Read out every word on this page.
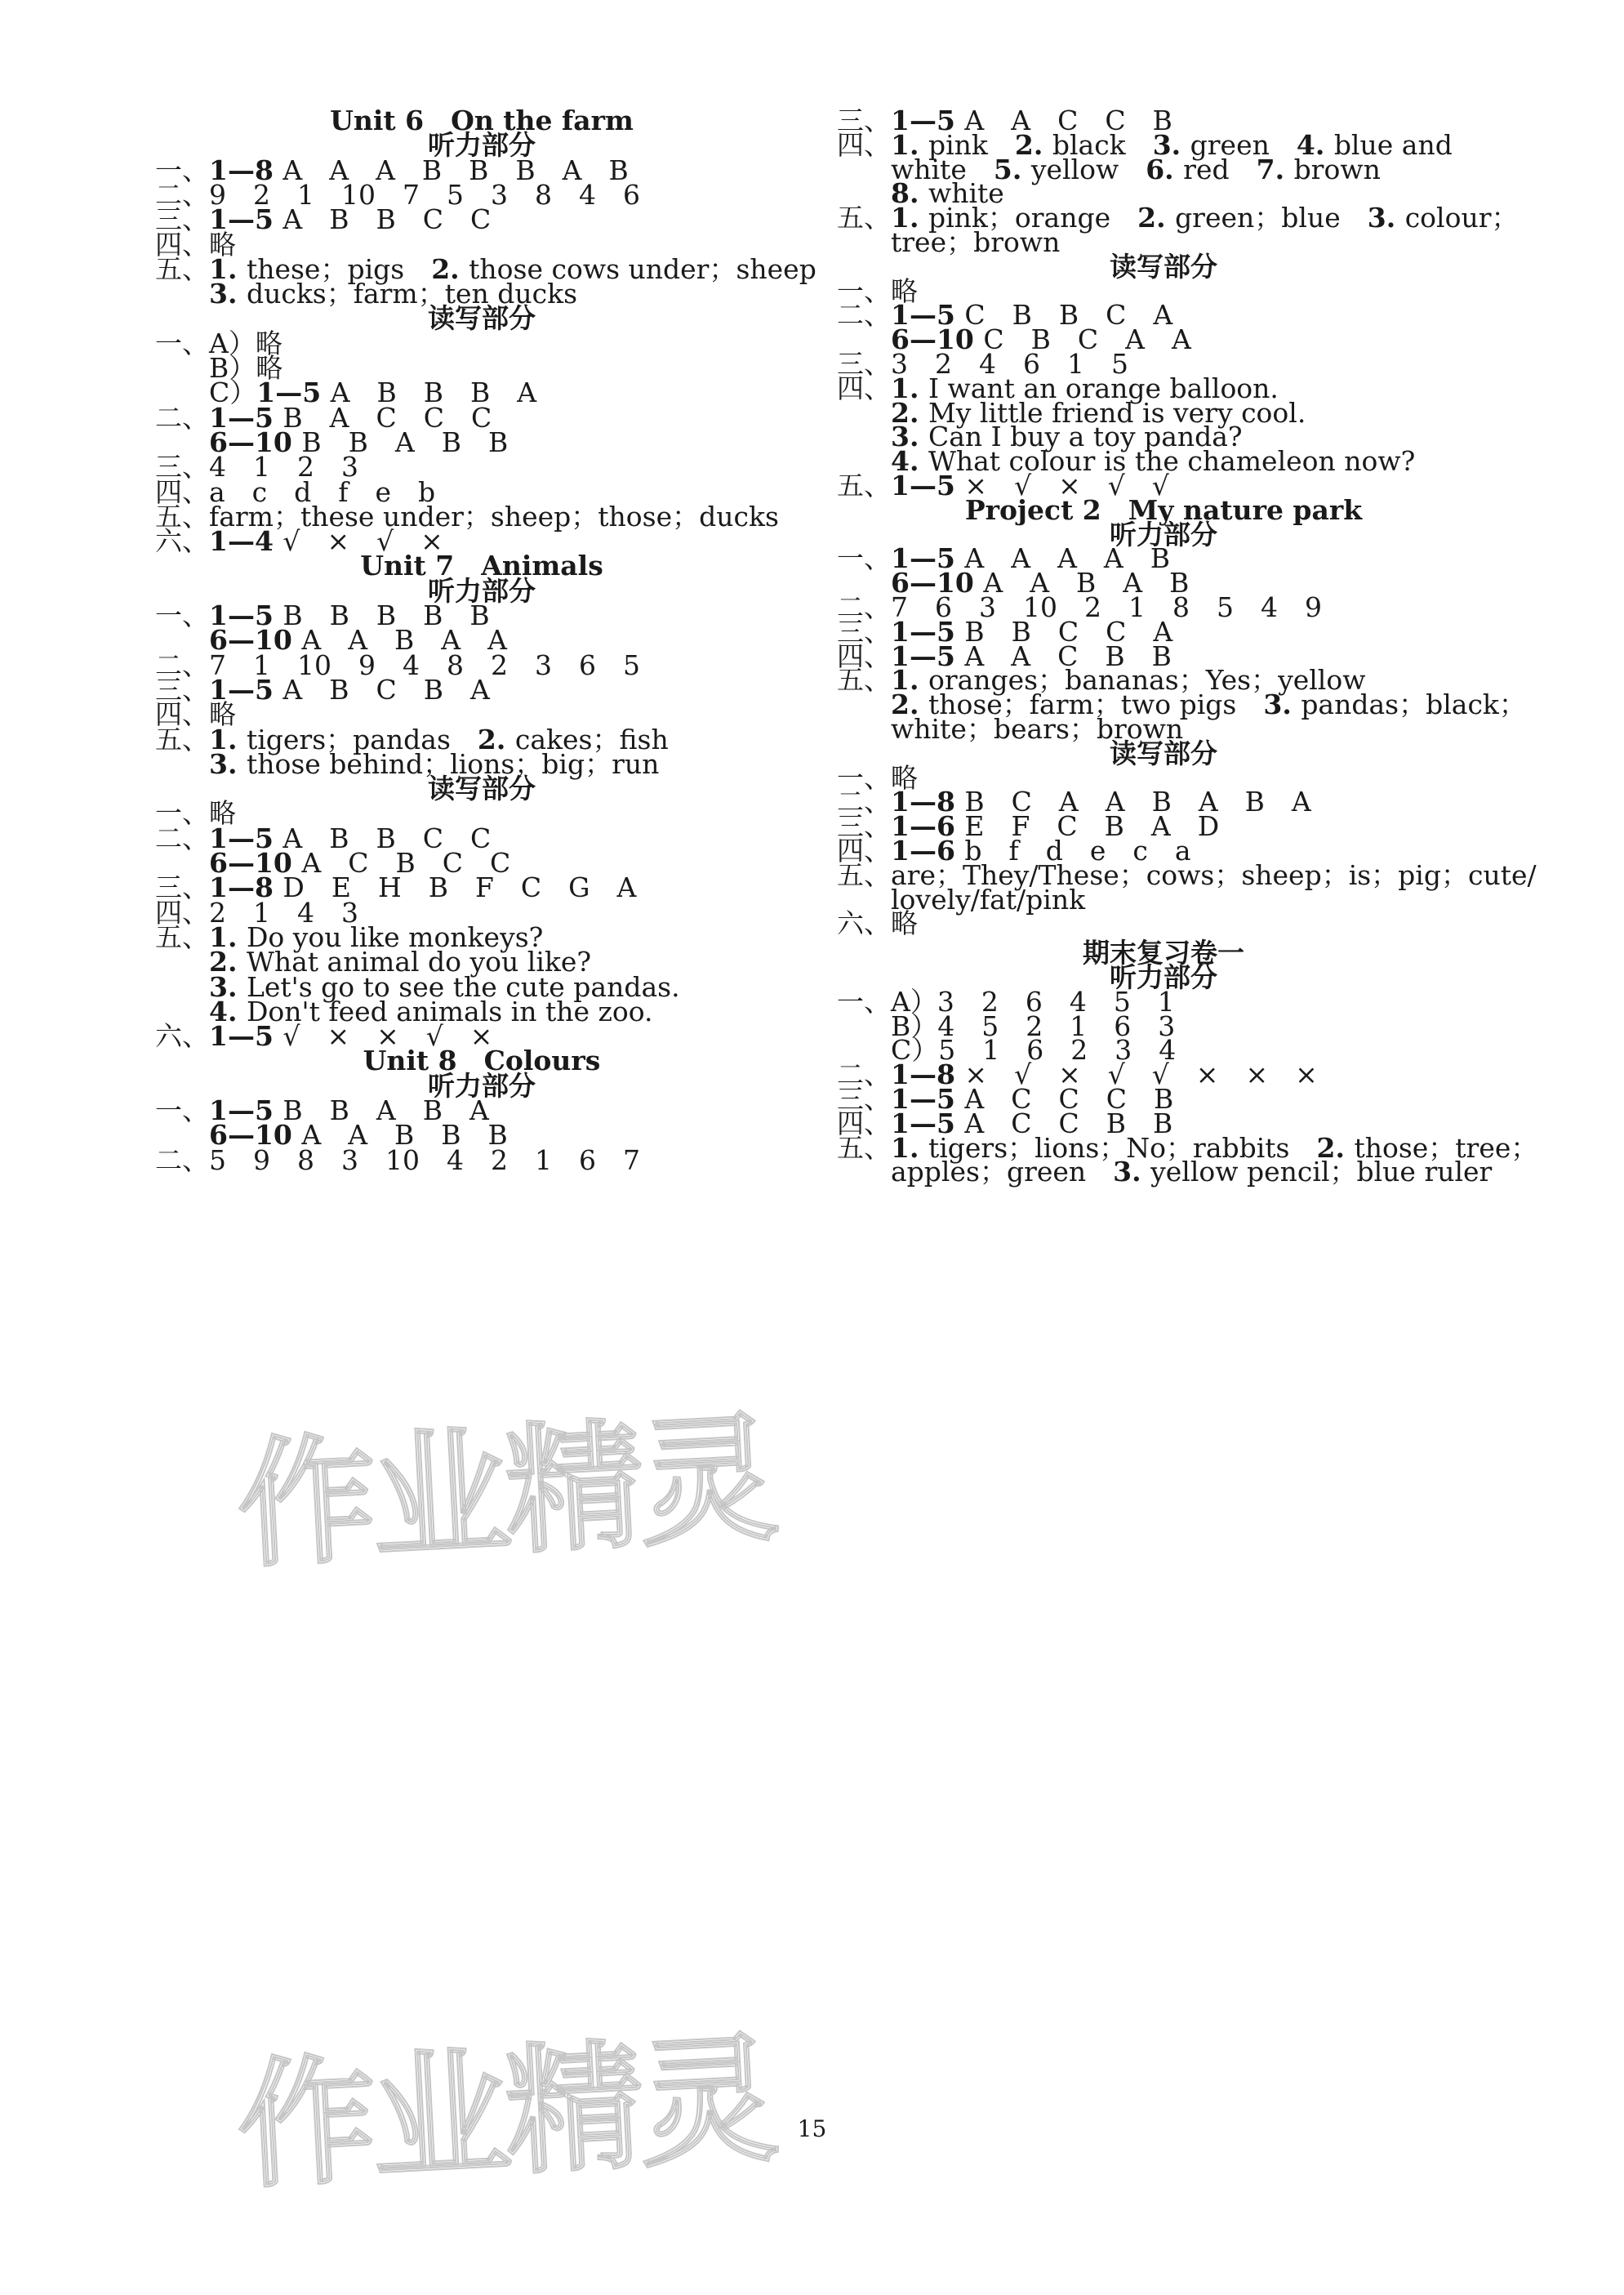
Unit 6　On the farm
听力部分
一、 1—8 A　A　A　B　B　B　A　B
二、 9　2　1　10　7　5　3　8　4　6
三、 1—5 A　B　B　C　C
四、 略
五、 1. these；pigs　2. those cows under；sheep
3. ducks；farm；ten ducks
读写部分
一、 A）略
B）略
C）1—5 A　B　B　B　A
二、 1—5 B　A　C　C　C
6—10 B　B　A　B　B
三、 4　1　2　3
四、 a　c　d　f　e　b
五、 farm；these under；sheep；those；ducks
六、 1—4 √　×　√　×
Unit 7　Animals
听力部分
一、 1—5 B　B　B　B　B
6—10 A　A　B　A　A
二、 7　1　10　9　4　8　2　3　6　5
三、 1—5 A　B　C　B　A
四、 略
五、 1. tigers；pandas　2. cakes；fish
3. those behind；lions；big；run
读写部分
一、 略
二、 1—5 A　B　B　C　C
6—10 A　C　B　C　C
三、 1—8 D　E　H　B　F　C　G　A
四、 2　1　4　3
五、 1. Do you like monkeys?
2. What animal do you like?
3. Let's go to see the cute pandas.
4. Don't feed animals in the zoo.
六、 1—5 √　×　×　√　×
Unit 8　Colours
听力部分
一、 1—5 B　B　A　B　A
6—10 A　A　B　B　B
二、 5　9　8　3　10　4　2　1　6　7
三、 1—5 A　A　C　C　B
四、 1. pink　2. black　3. green　4. blue and
white　5. yellow　6. red　7. brown
8. white
五、 1. pink；orange　2. green；blue　3. colour；
tree；brown
读写部分
一、 略
二、 1—5 C　B　B　C　A
6—10 C　B　C　A　A
三、 3　2　4　6　1　5
四、 1. I want an orange balloon.
2. My little friend is very cool.
3. Can I buy a toy panda?
4. What colour is the chameleon now?
五、 1—5 ×　√　×　√　√
Project 2　My nature park
听力部分
一、 1—5 A　A　A　A　B
6—10 A　A　B　A　B
二、 7　6　3　10　2　1　8　5　4　9
三、 1—5 B　B　C　C　A
四、 1—5 A　A　C　B　B
五、 1. oranges；bananas；Yes；yellow
2. those；farm；two pigs　3. pandas；black；
white；bears；brown
读写部分
一、 略
二、 1—8 B　C　A　A　B　A　B　A
三、 1—6 E　F　C　B　A　D
四、 1—6 b　f　d　e　c　a
五、 are；They/These；cows；sheep；is；pig；cute/
lovely/fat/pink
六、 略
期末复习卷一
听力部分
一、 A）3　2　6　4　5　1
B）4　5　2　1　6　3
C）5　1　6　2　3　4
二、 1—8 ×　√　×　√　√　×　×　×
三、 1—5 A　C　C　C　B
四、 1—5 A　C　C　B　B
五、 1. tigers；lions；No；rabbits　2. those；tree；
apples；green　3. yellow pencil；blue ruler
15
作业精灵
作业精灵
